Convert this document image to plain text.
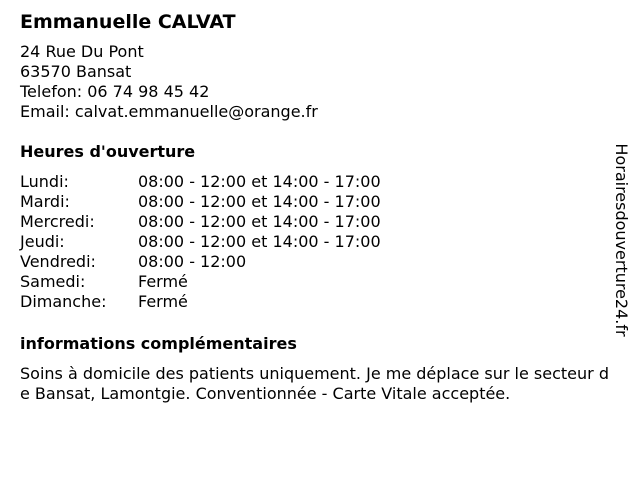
Emmanuelle CALVAT
24 Rue Du Pont
63570 Bansat
Telefon: 06 74 98 45 42
Email: calvat.emmanuelle@orange.fr
Heures d'ouverture
Lundi:	08:00 - 12:00 et 14:00 - 17:00
Mardi:	08:00 - 12:00 et 14:00 - 17:00
Mercredi:	08:00 - 12:00 et 14:00 - 17:00
Jeudi:	08:00 - 12:00 et 14:00 - 17:00
Vendredi:	08:00 - 12:00
Samedi:	Fermé
Dimanche:	Fermé
informations complémentaires
Soins à domicile des patients uniquement. Je me déplace sur le secteur de Bansat, Lamontgie. Conventionnée - Carte Vitale acceptée.
Horairesdouverture24.fr
